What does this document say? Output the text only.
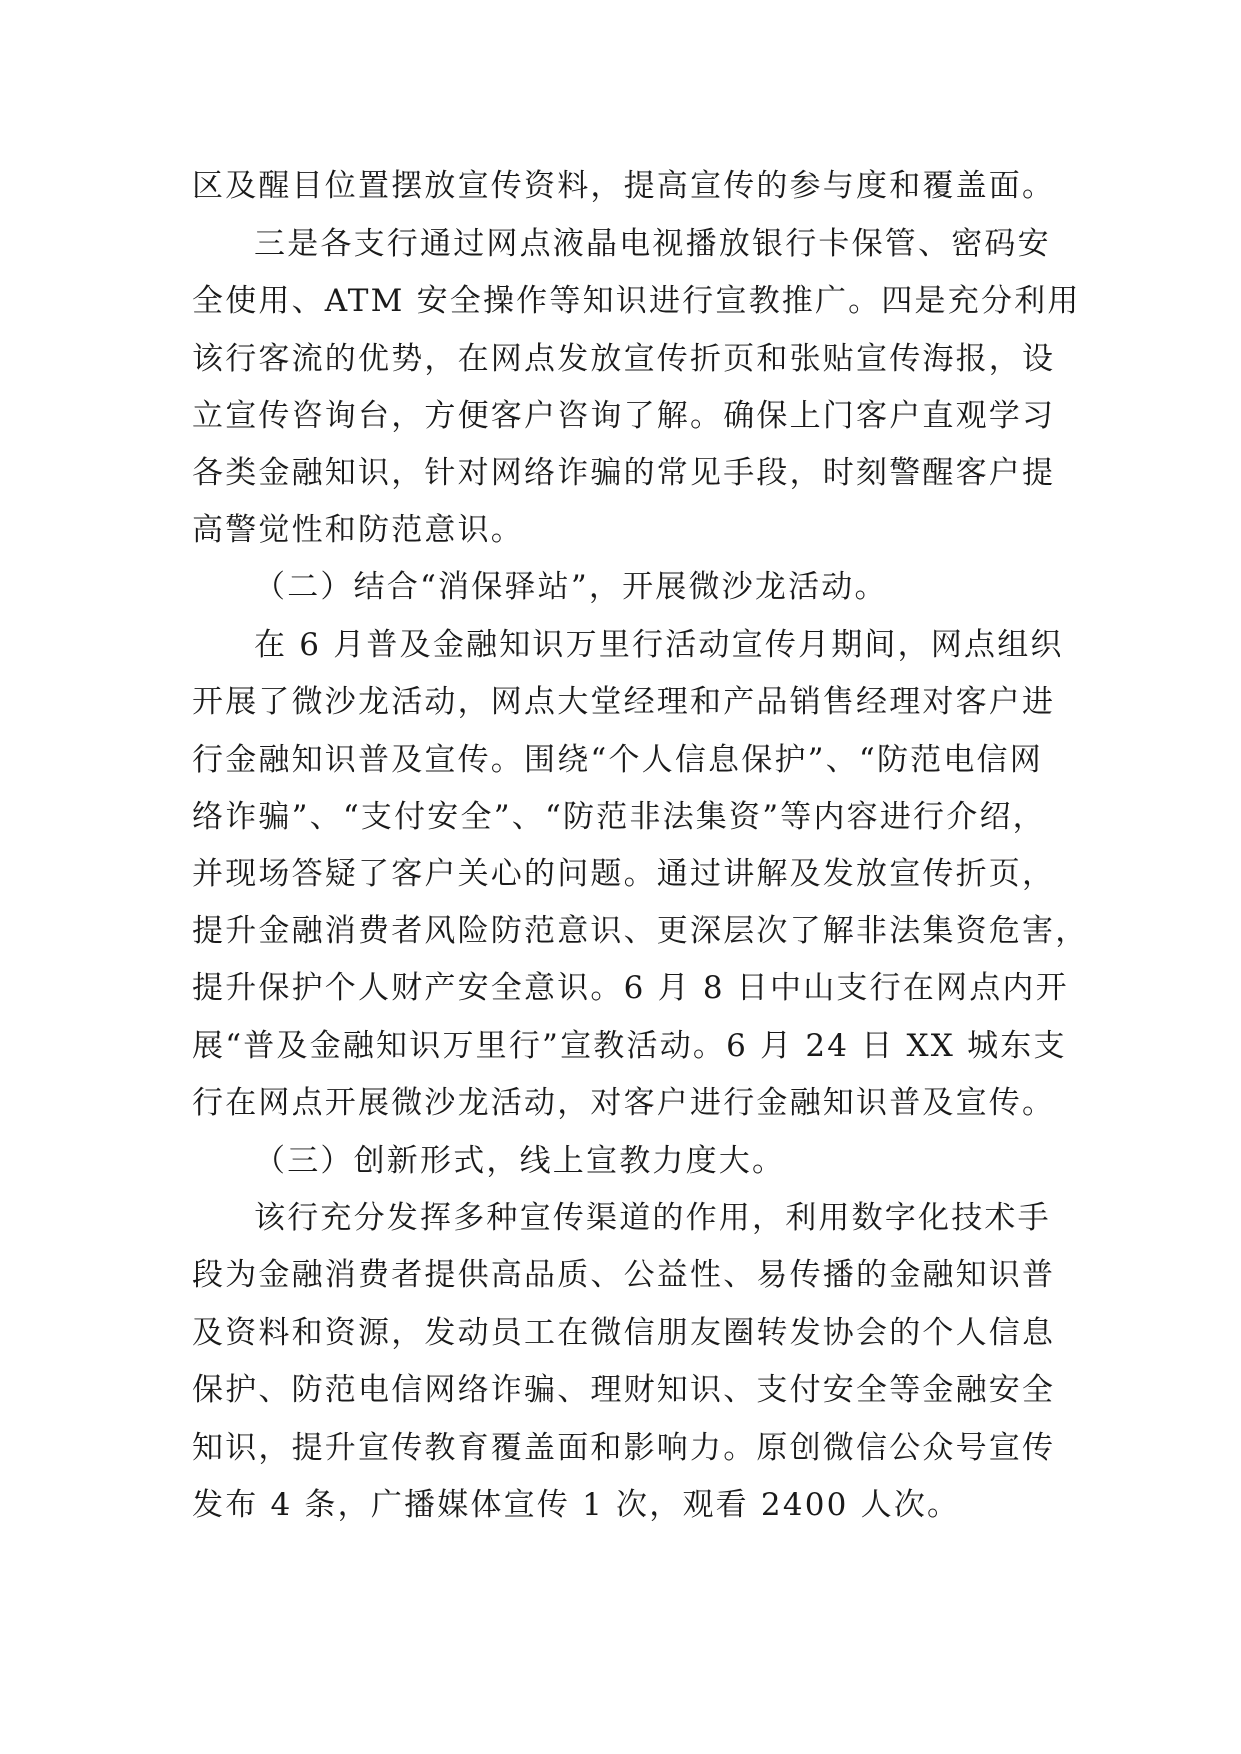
区及醒目位置摆放宣传资料，提高宣传的参与度和覆盖面。
三是各支行通过网点液晶电视播放银行卡保管、密码安
全使用、ATM 安全操作等知识进行宣教推广。四是充分利用
该行客流的优势，在网点发放宣传折页和张贴宣传海报，设
立宣传咨询台，方便客户咨询了解。确保上门客户直观学习
各类金融知识，针对网络诈骗的常见手段，时刻警醒客户提
高警觉性和防范意识。
（二）结合“消保驿站”，开展微沙龙活动。
在 6 月普及金融知识万里行活动宣传月期间，网点组织
开展了微沙龙活动，网点大堂经理和产品销售经理对客户进
行金融知识普及宣传。围绕“个人信息保护”、“防范电信网
络诈骗”、“支付安全”、“防范非法集资”等内容进行介绍，
并现场答疑了客户关心的问题。通过讲解及发放宣传折页，
提升金融消费者风险防范意识、更深层次了解非法集资危害，
提升保护个人财产安全意识。6 月 8 日中山支行在网点内开
展“普及金融知识万里行”宣教活动。6 月 24 日 XX 城东支
行在网点开展微沙龙活动，对客户进行金融知识普及宣传。
（三）创新形式，线上宣教力度大。
该行充分发挥多种宣传渠道的作用，利用数字化技术手
段为金融消费者提供高品质、公益性、易传播的金融知识普
及资料和资源，发动员工在微信朋友圈转发协会的个人信息
保护、防范电信网络诈骗、理财知识、支付安全等金融安全
知识，提升宣传教育覆盖面和影响力。原创微信公众号宣传
发布 4 条，广播媒体宣传 1 次，观看 2400 人次。
